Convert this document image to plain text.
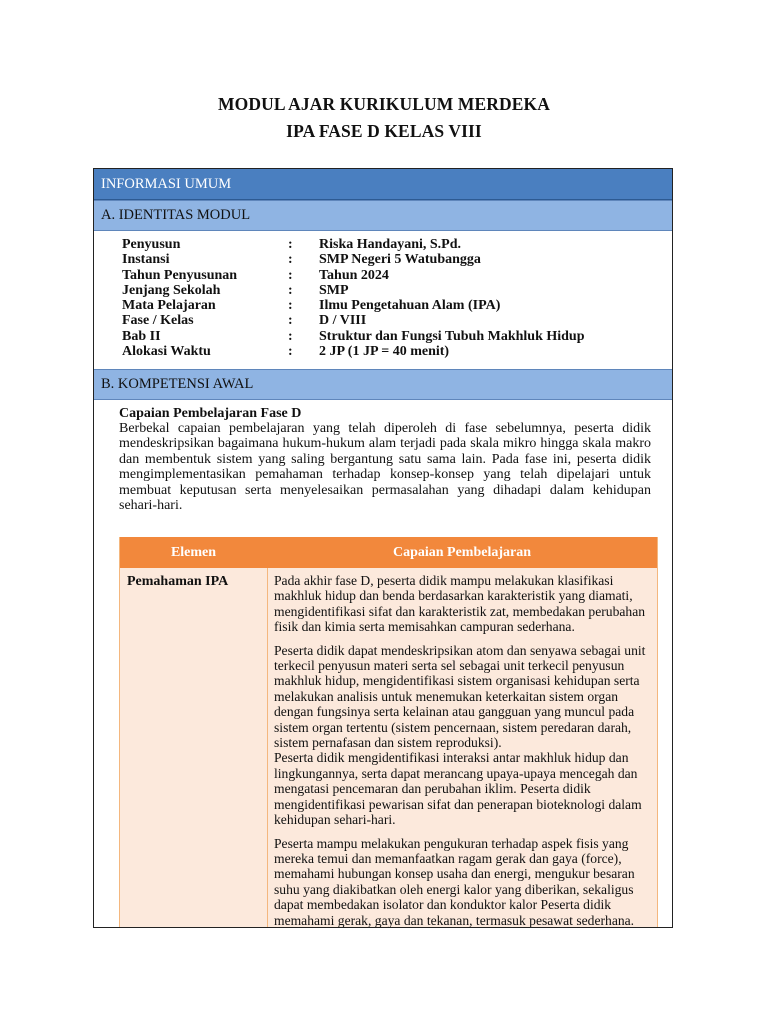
MODUL AJAR KURIKULUM MERDEKA
IPA FASE D KELAS VIII
INFORMASI UMUM
A. IDENTITAS MODUL
Penyusun	:	Riska Handayani, S.Pd.
Instansi	:	SMP Negeri 5 Watubangga
Tahun Penyusunan	:	Tahun 2024
Jenjang Sekolah	:	SMP
Mata Pelajaran	:	Ilmu Pengetahuan Alam (IPA)
Fase / Kelas	:	D / VIII
Bab II	:	Struktur dan Fungsi Tubuh Makhluk Hidup
Alokasi Waktu	:	2 JP (1 JP = 40 menit)
B. KOMPETENSI AWAL
Capaian Pembelajaran Fase D
Berbekal capaian pembelajaran yang telah diperoleh di fase sebelumnya, peserta didik mendeskripsikan bagaimana hukum-hukum alam terjadi pada skala mikro hingga skala makro dan membentuk sistem yang saling bergantung satu sama lain. Pada fase ini, peserta didik mengimplementasikan pemahaman terhadap konsep-konsep yang telah dipelajari untuk membuat keputusan serta menyelesaikan permasalahan yang dihadapi dalam kehidupan sehari-hari.
Elemen	Capaian Pembelajaran
Pemahaman IPA	Pada akhir fase D, peserta didik mampu melakukan klasifikasi makhluk hidup dan benda berdasarkan karakteristik yang diamati, mengidentifikasi sifat dan karakteristik zat, membedakan perubahan fisik dan kimia serta memisahkan campuran sederhana.

Peserta didik dapat mendeskripsikan atom dan senyawa sebagai unit terkecil penyusun materi serta sel sebagai unit terkecil penyusun makhluk hidup, mengidentifikasi sistem organisasi kehidupan serta melakukan analisis untuk menemukan keterkaitan sistem organ dengan fungsinya serta kelainan atau gangguan yang muncul pada sistem organ tertentu (sistem pencernaan, sistem peredaran darah, sistem pernafasan dan sistem reproduksi).

Peserta didik mengidentifikasi interaksi antar makhluk hidup dan lingkungannya, serta dapat merancang upaya-upaya mencegah dan mengatasi pencemaran dan perubahan iklim. Peserta didik mengidentifikasi pewarisan sifat dan penerapan bioteknologi dalam kehidupan sehari-hari.

Peserta mampu melakukan pengukuran terhadap aspek fisis yang mereka temui dan memanfaatkan ragam gerak dan gaya (force), memahami hubungan konsep usaha dan energi, mengukur besaran suhu yang diakibatkan oleh energi kalor yang diberikan, sekaligus dapat membedakan isolator dan konduktor kalor Peserta didik memahami gerak, gaya dan tekanan, termasuk pesawat sederhana.
